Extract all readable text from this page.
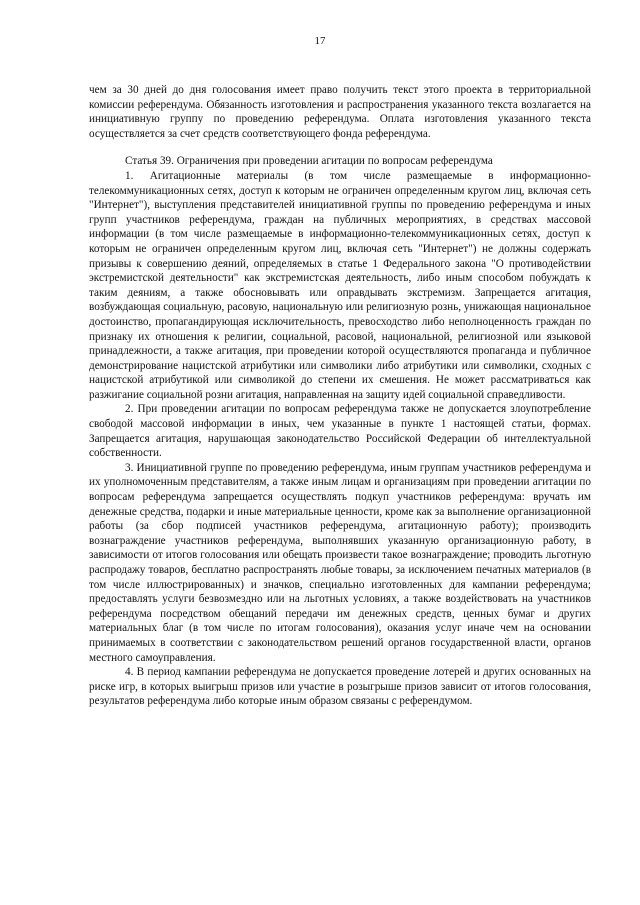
17

чем за 30 дней до дня голосования имеет право получить текст этого проекта в территориальной комиссии референдума. Обязанность изготовления и распространения указанного текста возлагается на инициативную группу по проведению референдума. Оплата изготовления указанного текста осуществляется за счет средств соответствующего фонда референдума.

Статья 39. Ограничения при проведении агитации по вопросам референдума

1. Агитационные материалы (в том числе размещаемые в информационно-телекоммуникационных сетях, доступ к которым не ограничен определенным кругом лиц, включая сеть "Интернет"), выступления представителей инициативной группы по проведению референдума и иных групп участников референдума, граждан на публичных мероприятиях, в средствах массовой информации (в том числе размещаемые в информационно-телекоммуникационных сетях, доступ к которым не ограничен определенным кругом лиц, включая сеть "Интернет") не должны содержать призывы к совершению деяний, определяемых в статье 1 Федерального закона "О противодействии экстремистской деятельности" как экстремистская деятельность, либо иным способом побуждать к таким деяниям, а также обосновывать или оправдывать экстремизм. Запрещается агитация, возбуждающая социальную, расовую, национальную или религиозную рознь, унижающая национальное достоинство, пропагандирующая исключительность, превосходство либо неполноценность граждан по признаку их отношения к религии, социальной, расовой, национальной, религиозной или языковой принадлежности, а также агитация, при проведении которой осуществляются пропаганда и публичное демонстрирование нацистской атрибутики или символики либо атрибутики или символики, сходных с нацистской атрибутикой или символикой до степени их смешения. Не может рассматриваться как разжигание социальной розни агитация, направленная на защиту идей социальной справедливости.

2. При проведении агитации по вопросам референдума также не допускается злоупотребление свободой массовой информации в иных, чем указанные в пункте 1 настоящей статьи, формах. Запрещается агитация, нарушающая законодательство Российской Федерации об интеллектуальной собственности.

3. Инициативной группе по проведению референдума, иным группам участников референдума и их уполномоченным представителям, а также иным лицам и организациям при проведении агитации по вопросам референдума запрещается осуществлять подкуп участников референдума: вручать им денежные средства, подарки и иные материальные ценности, кроме как за выполнение организационной работы (за сбор подписей участников референдума, агитационную работу); производить вознаграждение участников референдума, выполнявших указанную организационную работу, в зависимости от итогов голосования или обещать произвести такое вознаграждение; проводить льготную распродажу товаров, бесплатно распространять любые товары, за исключением печатных материалов (в том числе иллюстрированных) и значков, специально изготовленных для кампании референдума; предоставлять услуги безвозмездно или на льготных условиях, а также воздействовать на участников референдума посредством обещаний передачи им денежных средств, ценных бумаг и других материальных благ (в том числе по итогам голосования), оказания услуг иначе чем на основании принимаемых в соответствии с законодательством решений органов государственной власти, органов местного самоуправления.

4. В период кампании референдума не допускается проведение лотерей и других основанных на риске игр, в которых выигрыш призов или участие в розыгрыше призов зависит от итогов голосования, результатов референдума либо которые иным образом связаны с референдумом.
